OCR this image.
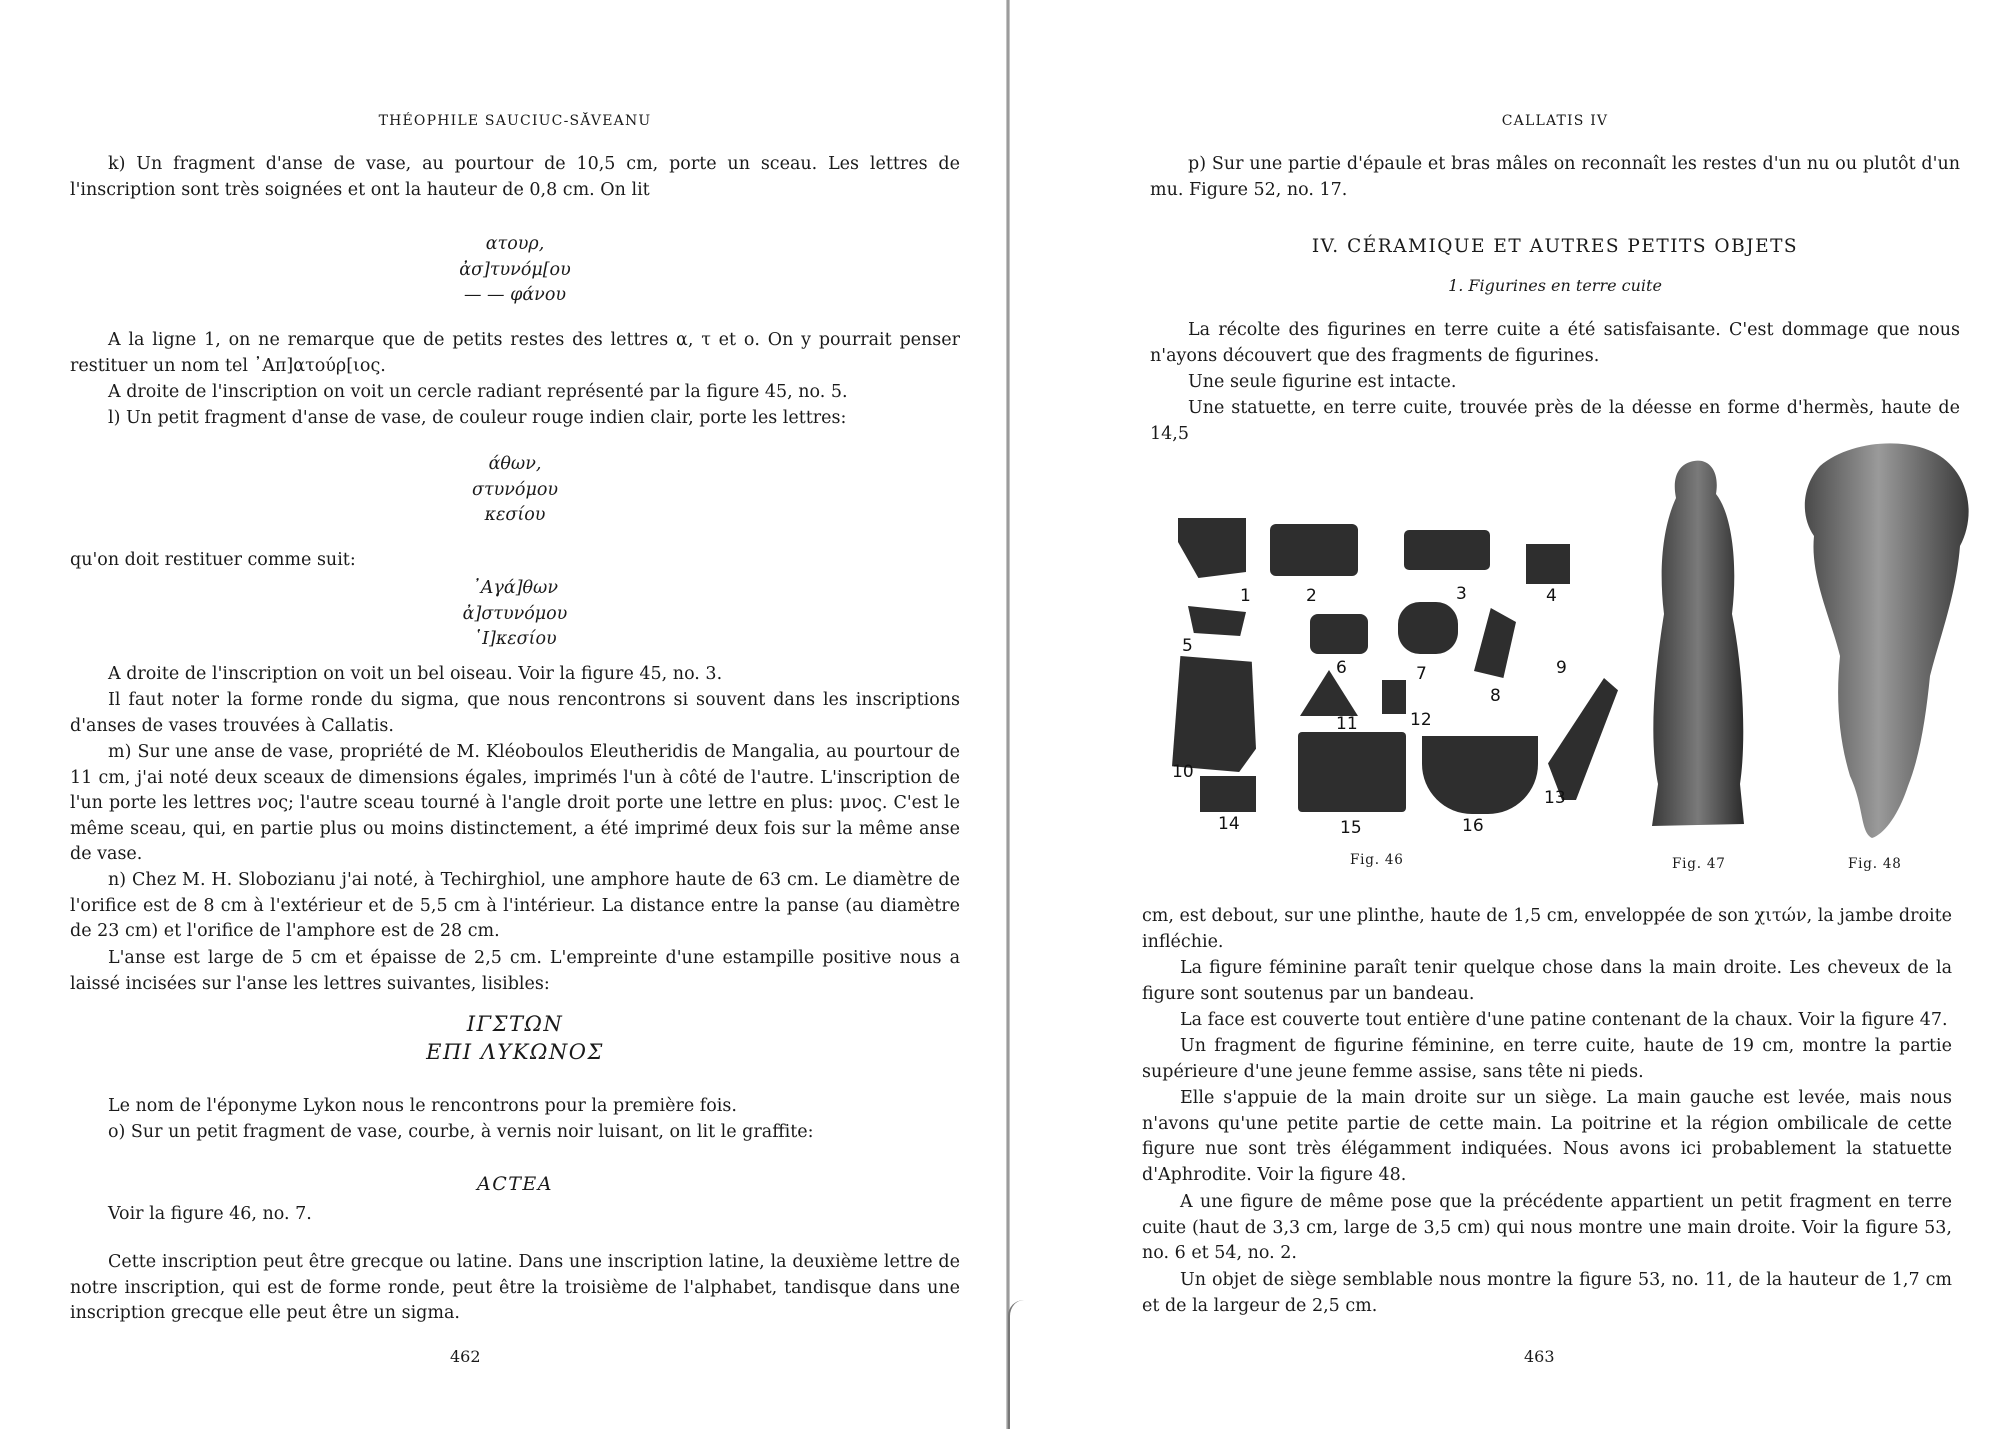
THÉOPHILE SAUCIUC-SĂVEANU

k) Un fragment d'anse de vase, au pourtour de 10,5 cm, porte un sceau. Les lettres de l'inscription sont très soignées et ont la hauteur de 0,8 cm. On lit

ατουρ,
ἀσ]τυνόμ[ου
— — φάνου

A la ligne 1, on ne remarque que de petits restes des lettres α, τ et ο. On y pourrait penser restituer un nom tel ᾿Απ]ατούρ[ιος.

A droite de l'inscription on voit un cercle radiant représenté par la figure 45, no. 5.

l) Un petit fragment d'anse de vase, de couleur rouge indien clair, porte les lettres:

άθων,
στυνόμου
κεσίου

qu'on doit restituer comme suit:

᾿Αγά]θων
ἀ]στυνόμου
῾Ι]κεσίου

A droite de l'inscription on voit un bel oiseau. Voir la figure 45, no. 3.

Il faut noter la forme ronde du sigma, que nous rencontrons si souvent dans les inscriptions d'anses de vases trouvées à Callatis.

m) Sur une anse de vase, propriété de M. Kléoboulos Eleutheridis de Mangalia, au pourtour de 11 cm, j'ai noté deux sceaux de dimensions égales, imprimés l'un à côté de l'autre. L'inscription de l'un porte les lettres νος; l'autre sceau tourné à l'angle droit porte une lettre en plus: μνος. C'est le même sceau, qui, en partie plus ou moins distinctement, a été imprimé deux fois sur la même anse de vase.

n) Chez M. H. Slobozianu j'ai noté, à Techirghiol, une amphore haute de 63 cm. Le diamètre de l'orifice est de 8 cm à l'extérieur et de 5,5 cm à l'intérieur. La distance entre la panse (au diamètre de 23 cm) et l'orifice de l'amphore est de 28 cm.

L'anse est large de 5 cm et épaisse de 2,5 cm. L'empreinte d'une estampille positive nous a laissé incisées sur l'anse les lettres suivantes, lisibles:

ΙΓΣΤΩΝ
ΕΠΙ ΛΥΚΩΝΟΣ

Le nom de l'éponyme Lykon nous le rencontrons pour la première fois.

o) Sur un petit fragment de vase, courbe, à vernis noir luisant, on lit le graffite:

ACTEA

Voir la figure 46, no. 7.

Cette inscription peut être grecque ou latine. Dans une inscription latine, la deuxième lettre de notre inscription, qui est de forme ronde, peut être la troisième de l'alphabet, tandisque dans une inscription grecque elle peut être un sigma.

462
CALLATIS IV

p) Sur une partie d'épaule et bras mâles on reconnaît les restes d'un nu ou plutôt d'un mu. Figure 52, no. 17.

IV. CÉRAMIQUE ET AUTRES PETITS OBJETS
1. Figurines en terre cuite

La récolte des figurines en terre cuite a été satisfaisante. C'est dommage que nous n'ayons découvert que des fragments de figurines.

Une seule figurine est intacte.

Une statuette, en terre cuite, trouvée près de la déesse en forme d'hermès, haute de 14,5

1	2	3	4
5
6	7
8
9
10
11	12
13
14	15	16
Fig. 46	Fig. 47	Fig. 48

cm, est debout, sur une plinthe, haute de 1,5 cm, enveloppée de son χιτών, la jambe droite infléchie.

La figure féminine paraît tenir quelque chose dans la main droite. Les cheveux de la figure sont soutenus par un bandeau.

La face est couverte tout entière d'une patine contenant de la chaux. Voir la figure 47.

Un fragment de figurine féminine, en terre cuite, haute de 19 cm, montre la partie supérieure d'une jeune femme assise, sans tête ni pieds.

Elle s'appuie de la main droite sur un siège. La main gauche est levée, mais nous n'avons qu'une petite partie de cette main. La poitrine et la région ombilicale de cette figure nue sont très élégamment indiquées. Nous avons ici probablement la statuette d'Aphrodite. Voir la figure 48.

A une figure de même pose que la précédente appartient un petit fragment en terre cuite (haut de 3,3 cm, large de 3,5 cm) qui nous montre une main droite. Voir la figure 53, no. 6 et 54, no. 2.

Un objet de siège semblable nous montre la figure 53, no. 11, de la hauteur de 1,7 cm et de la largeur de 2,5 cm.

463
